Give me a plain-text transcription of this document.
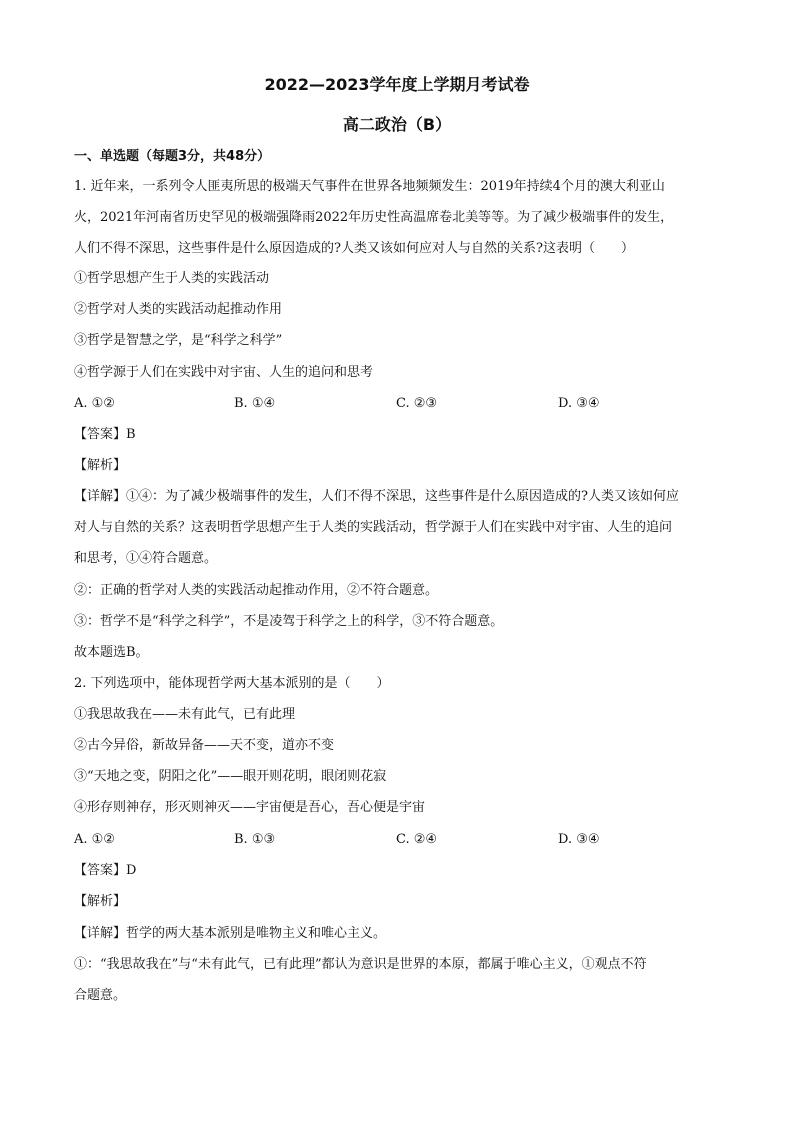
2022—2023学年度上学期月考试卷
高二政治（B）
一、单选题（每题3分，共48分）
1. 近年来，一系列令人匪夷所思的极端天气事件在世界各地频频发生：2019年持续4个月的澳大利亚山
火，2021年河南省历史罕见的极端强降雨2022年历史性高温席卷北美等等。为了减少极端事件的发生，
人们不得不深思，这些事件是什么原因造成的?人类又该如何应对人与自然的关系?这表明（　　）
①哲学思想产生于人类的实践活动
②哲学对人类的实践活动起推动作用
③哲学是智慧之学，是“科学之科学”
④哲学源于人们在实践中对宇宙、人生的追问和思考
A. ①②	B. ①④	C. ②③	D. ③④
【答案】B
【解析】
【详解】①④：为了减少极端事件的发生，人们不得不深思，这些事件是什么原因造成的?人类又该如何应
对人与自然的关系？这表明哲学思想产生于人类的实践活动，哲学源于人们在实践中对宇宙、人生的追问
和思考，①④符合题意。
②：正确的哲学对人类的实践活动起推动作用，②不符合题意。
③：哲学不是“科学之科学”，不是凌驾于科学之上的科学，③不符合题意。
故本题选B。
2. 下列选项中，能体现哲学两大基本派别的是（　　）
①我思故我在——未有此气，已有此理
②古今异俗，新故异备——天不变，道亦不变
③“天地之变，阴阳之化”——眼开则花明，眼闭则花寂
④形存则神存，形灭则神灭——宇宙便是吾心，吾心便是宇宙
A. ①②	B. ①③	C. ②④	D. ③④
【答案】D
【解析】
【详解】哲学的两大基本派别是唯物主义和唯心主义。
①：“我思故我在”与“未有此气，已有此理”都认为意识是世界的本原，都属于唯心主义，①观点不符
合题意。
